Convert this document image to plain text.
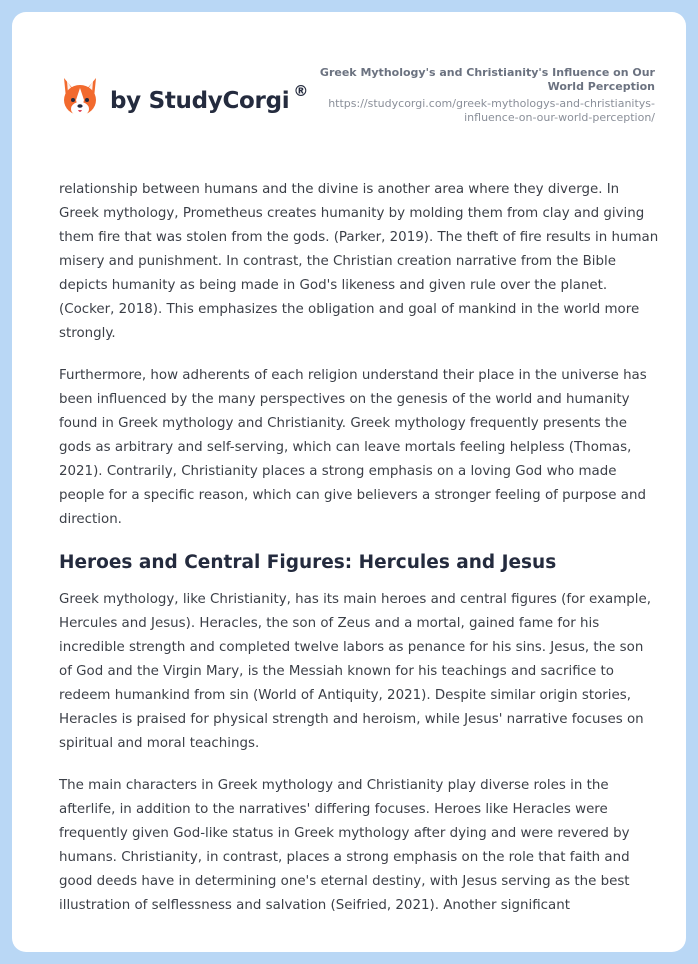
by StudyCorgi ®
Greek Mythology's and Christianity's Influence on Our World Perception
https://studycorgi.com/greek-mythologys-and-christianitys-influence-on-our-world-perception/

relationship between humans and the divine is another area where they diverge. In Greek mythology, Prometheus creates humanity by molding them from clay and giving them fire that was stolen from the gods. (Parker, 2019). The theft of fire results in human misery and punishment. In contrast, the Christian creation narrative from the Bible depicts humanity as being made in God's likeness and given rule over the planet. (Cocker, 2018). This emphasizes the obligation and goal of mankind in the world more strongly.

Furthermore, how adherents of each religion understand their place in the universe has been influenced by the many perspectives on the genesis of the world and humanity found in Greek mythology and Christianity. Greek mythology frequently presents the gods as arbitrary and self-serving, which can leave mortals feeling helpless (Thomas, 2021). Contrarily, Christianity places a strong emphasis on a loving God who made people for a specific reason, which can give believers a stronger feeling of purpose and direction.

Heroes and Central Figures: Hercules and Jesus

Greek mythology, like Christianity, has its main heroes and central figures (for example, Hercules and Jesus). Heracles, the son of Zeus and a mortal, gained fame for his incredible strength and completed twelve labors as penance for his sins. Jesus, the son of God and the Virgin Mary, is the Messiah known for his teachings and sacrifice to redeem humankind from sin (World of Antiquity, 2021). Despite similar origin stories, Heracles is praised for physical strength and heroism, while Jesus' narrative focuses on spiritual and moral teachings.

The main characters in Greek mythology and Christianity play diverse roles in the afterlife, in addition to the narratives' differing focuses. Heroes like Heracles were frequently given God-like status in Greek mythology after dying and were revered by humans. Christianity, in contrast, places a strong emphasis on the role that faith and good deeds have in determining one's eternal destiny, with Jesus serving as the best illustration of selflessness and salvation (Seifried, 2021). Another significant
